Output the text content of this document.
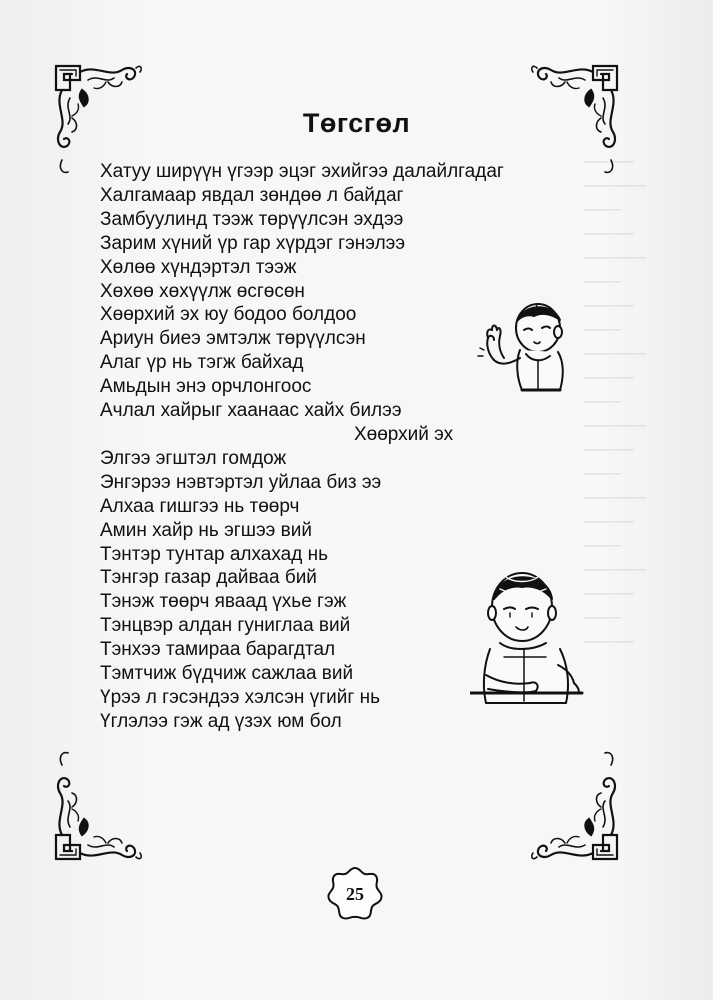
────
─────
───
────
─────
───
────
───
─────
────
───
─────
────
───
─────
────
───
─────
────
───
────
Төгсгөл
Хатуу ширүүн үгээр эцэг эхийгээ далайлгадаг
Халгамаар явдал зөндөө л байдаг
Замбуулинд тээж төрүүлсэн эхдээ
Зарим хүний үр гар хүрдэг гэнэлээ
Хөлөө хүндэртэл тээж
Хөхөө хөхүүлж өсгөсөн
Хөөрхий эх юу бодоо болдоо
Ариун биеэ эмтэлж төрүүлсэн
Алаг үр нь тэгж байхад
Амьдын энэ орчлонгоос
Ачлал хайрыг хаанаас хайх билээ
Хөөрхий эх
Элгээ эгштэл гомдож
Энгэрээ нэвтэртэл уйлаа биз ээ
Алхаа гишгээ нь төөрч
Амин хайр нь эгшээ вий
Тэнтэр тунтар алхахад нь
Тэнгэр газар дайваа бий
Тэнэж төөрч яваад үхье гэж
Тэнцвэр алдан гуниглаа вий
Тэнхээ тамираа барагдтал
Тэмтчиж бүдчиж сажлаа вий
Үрээ л гэсэндээ хэлсэн үгийг нь
Үглэлээ гэж ад үзэх юм бол
25
